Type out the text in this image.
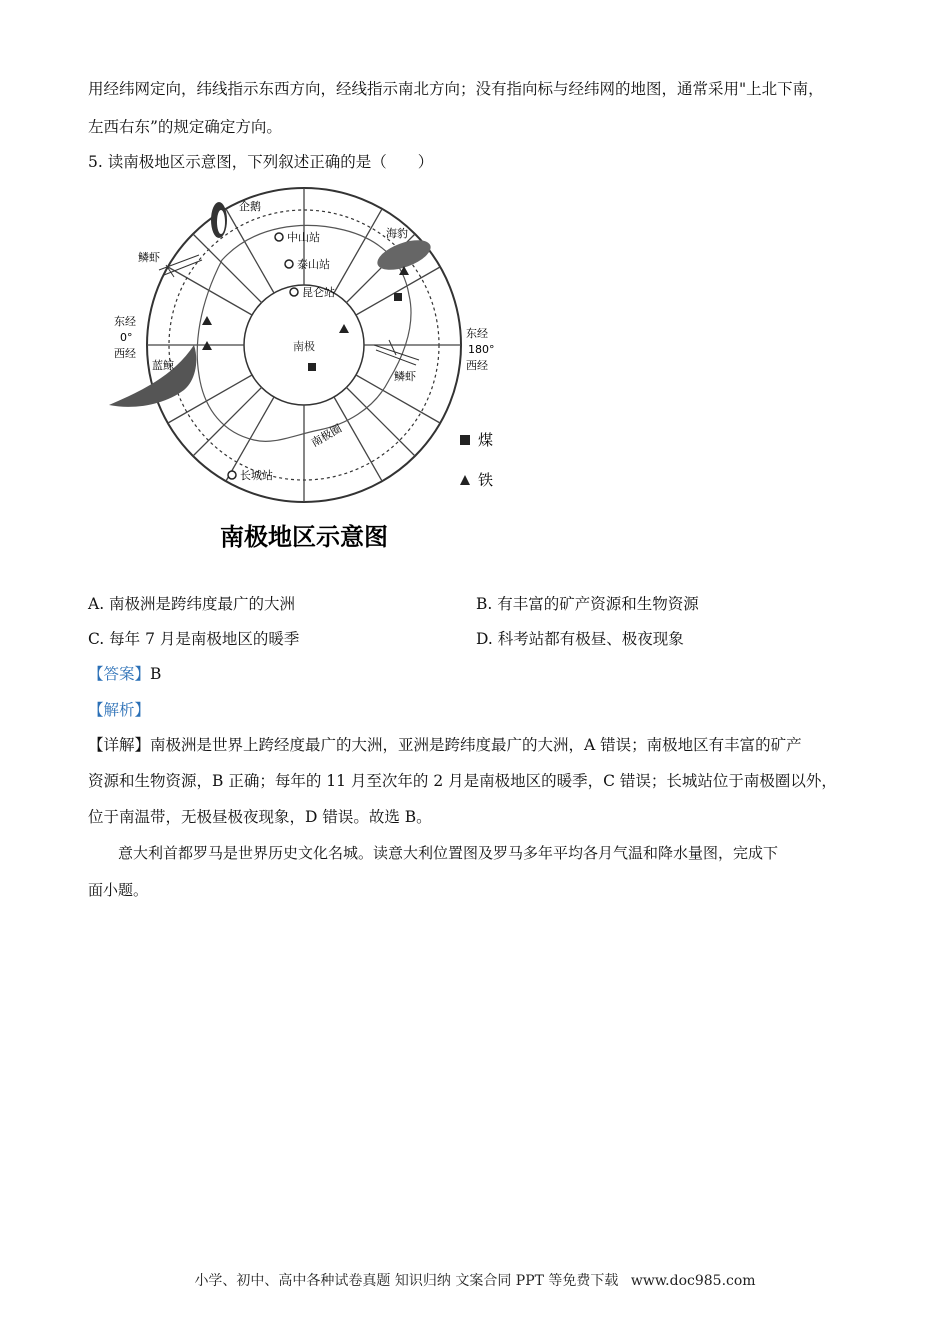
用经纬网定向，纬线指示东西方向，经线指示南北方向；没有指向标与经纬网的地图，通常采用"上北下南，
左西右东”的规定确定方向。
5. 读南极地区示意图，下列叙述正确的是（　　）
南极
企鹅
中山站
泰山站
昆仑站
海豹
鳞虾
鳞虾
蓝鲸
长城站
南极圈
东经
0°
西经
东经
180°
西经
煤
铁
南极地区示意图
A. 南极洲是跨纬度最广的大洲	B. 有丰富的矿产资源和生物资源
C. 每年 7 月是南极地区的暖季	D. 科考站都有极昼、极夜现象
【答案】B
【解析】
【详解】南极洲是世界上跨经度最广的大洲，亚洲是跨纬度最广的大洲，A 错误；南极地区有丰富的矿产
资源和生物资源，B 正确；每年的 11 月至次年的 2 月是南极地区的暖季，C 错误；长城站位于南极圈以外，
位于南温带，无极昼极夜现象，D 错误。故选 B。
意大利首都罗马是世界历史文化名城。读意大利位置图及罗马多年平均各月气温和降水量图，完成下
面小题。
小学、初中、高中各种试卷真题 知识归纳 文案合同 PPT 等免费下载 www.doc985.com
